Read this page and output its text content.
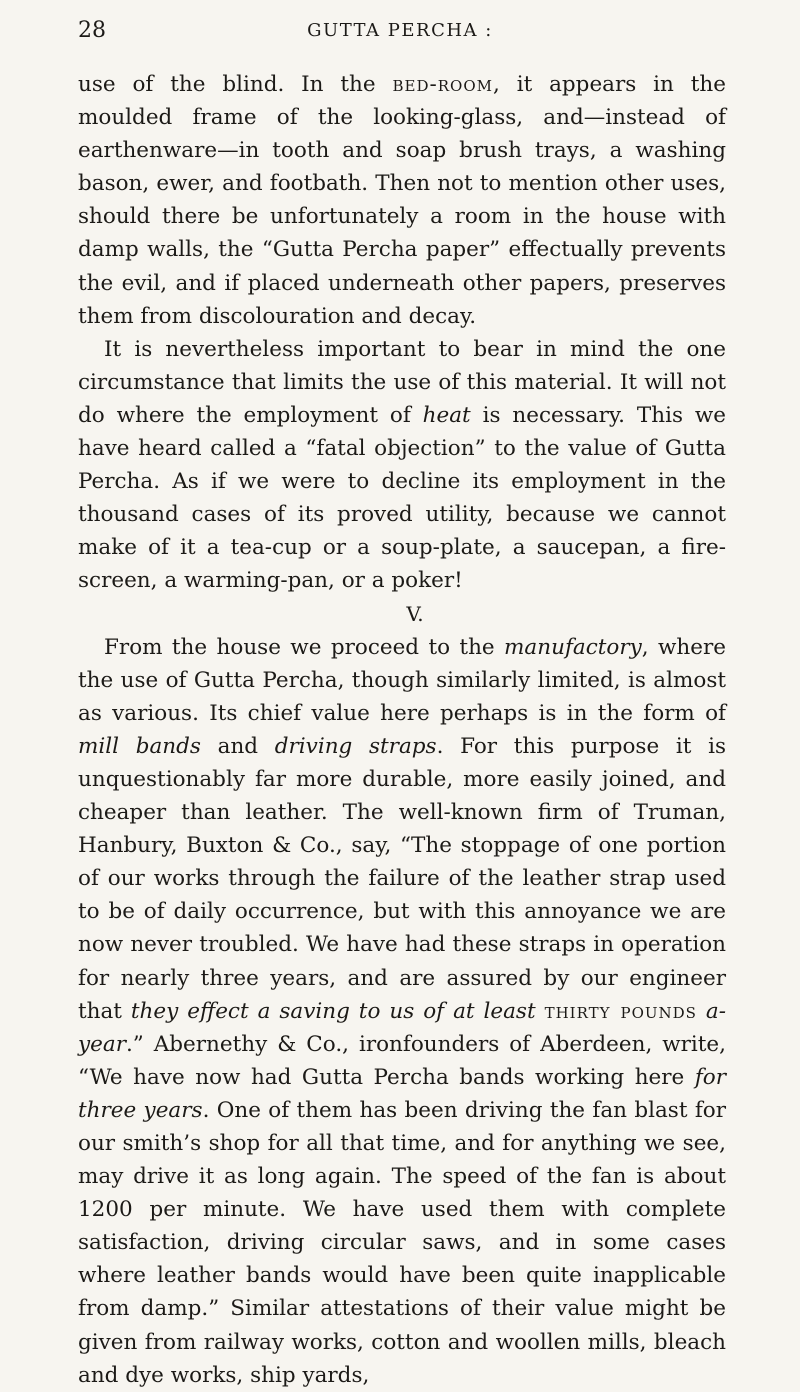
28	GUTTA PERCHA :

use of the blind. In the bed-room, it appears in the moulded frame of the looking-glass, and—instead of earthenware—in tooth and soap brush trays, a washing bason, ewer, and footbath. Then not to mention other uses, should there be unfortunately a room in the house with damp walls, the “Gutta Percha paper” effectually prevents the evil, and if placed underneath other papers, preserves them from discolouration and decay.

It is nevertheless important to bear in mind the one circumstance that limits the use of this material. It will not do where the employment of heat is necessary. This we have heard called a “fatal objection” to the value of Gutta Percha. As if we were to decline its employment in the thousand cases of its proved utility, because we cannot make of it a tea-cup or a soup-plate, a saucepan, a fire-screen, a warming-pan, or a poker!

V.

From the house we proceed to the manufactory, where the use of Gutta Percha, though similarly limited, is almost as various. Its chief value here perhaps is in the form of mill bands and driving straps. For this purpose it is unquestionably far more durable, more easily joined, and cheaper than leather. The well-known firm of Truman, Hanbury, Buxton & Co., say, “The stoppage of one portion of our works through the failure of the leather strap used to be of daily occurrence, but with this annoyance we are now never troubled. We have had these straps in operation for nearly three years, and are assured by our engineer that they effect a saving to us of at least thirty pounds a-year.” Abernethy & Co., ironfounders of Aberdeen, write, “We have now had Gutta Percha bands working here for three years. One of them has been driving the fan blast for our smith’s shop for all that time, and for anything we see, may drive it as long again. The speed of the fan is about 1200 per minute. We have used them with complete satisfaction, driving circular saws, and in some cases where leather bands would have been quite inapplicable from damp.” Similar attestations of their value might be given from railway works, cotton and woollen mills, bleach and dye works, ship yards,
